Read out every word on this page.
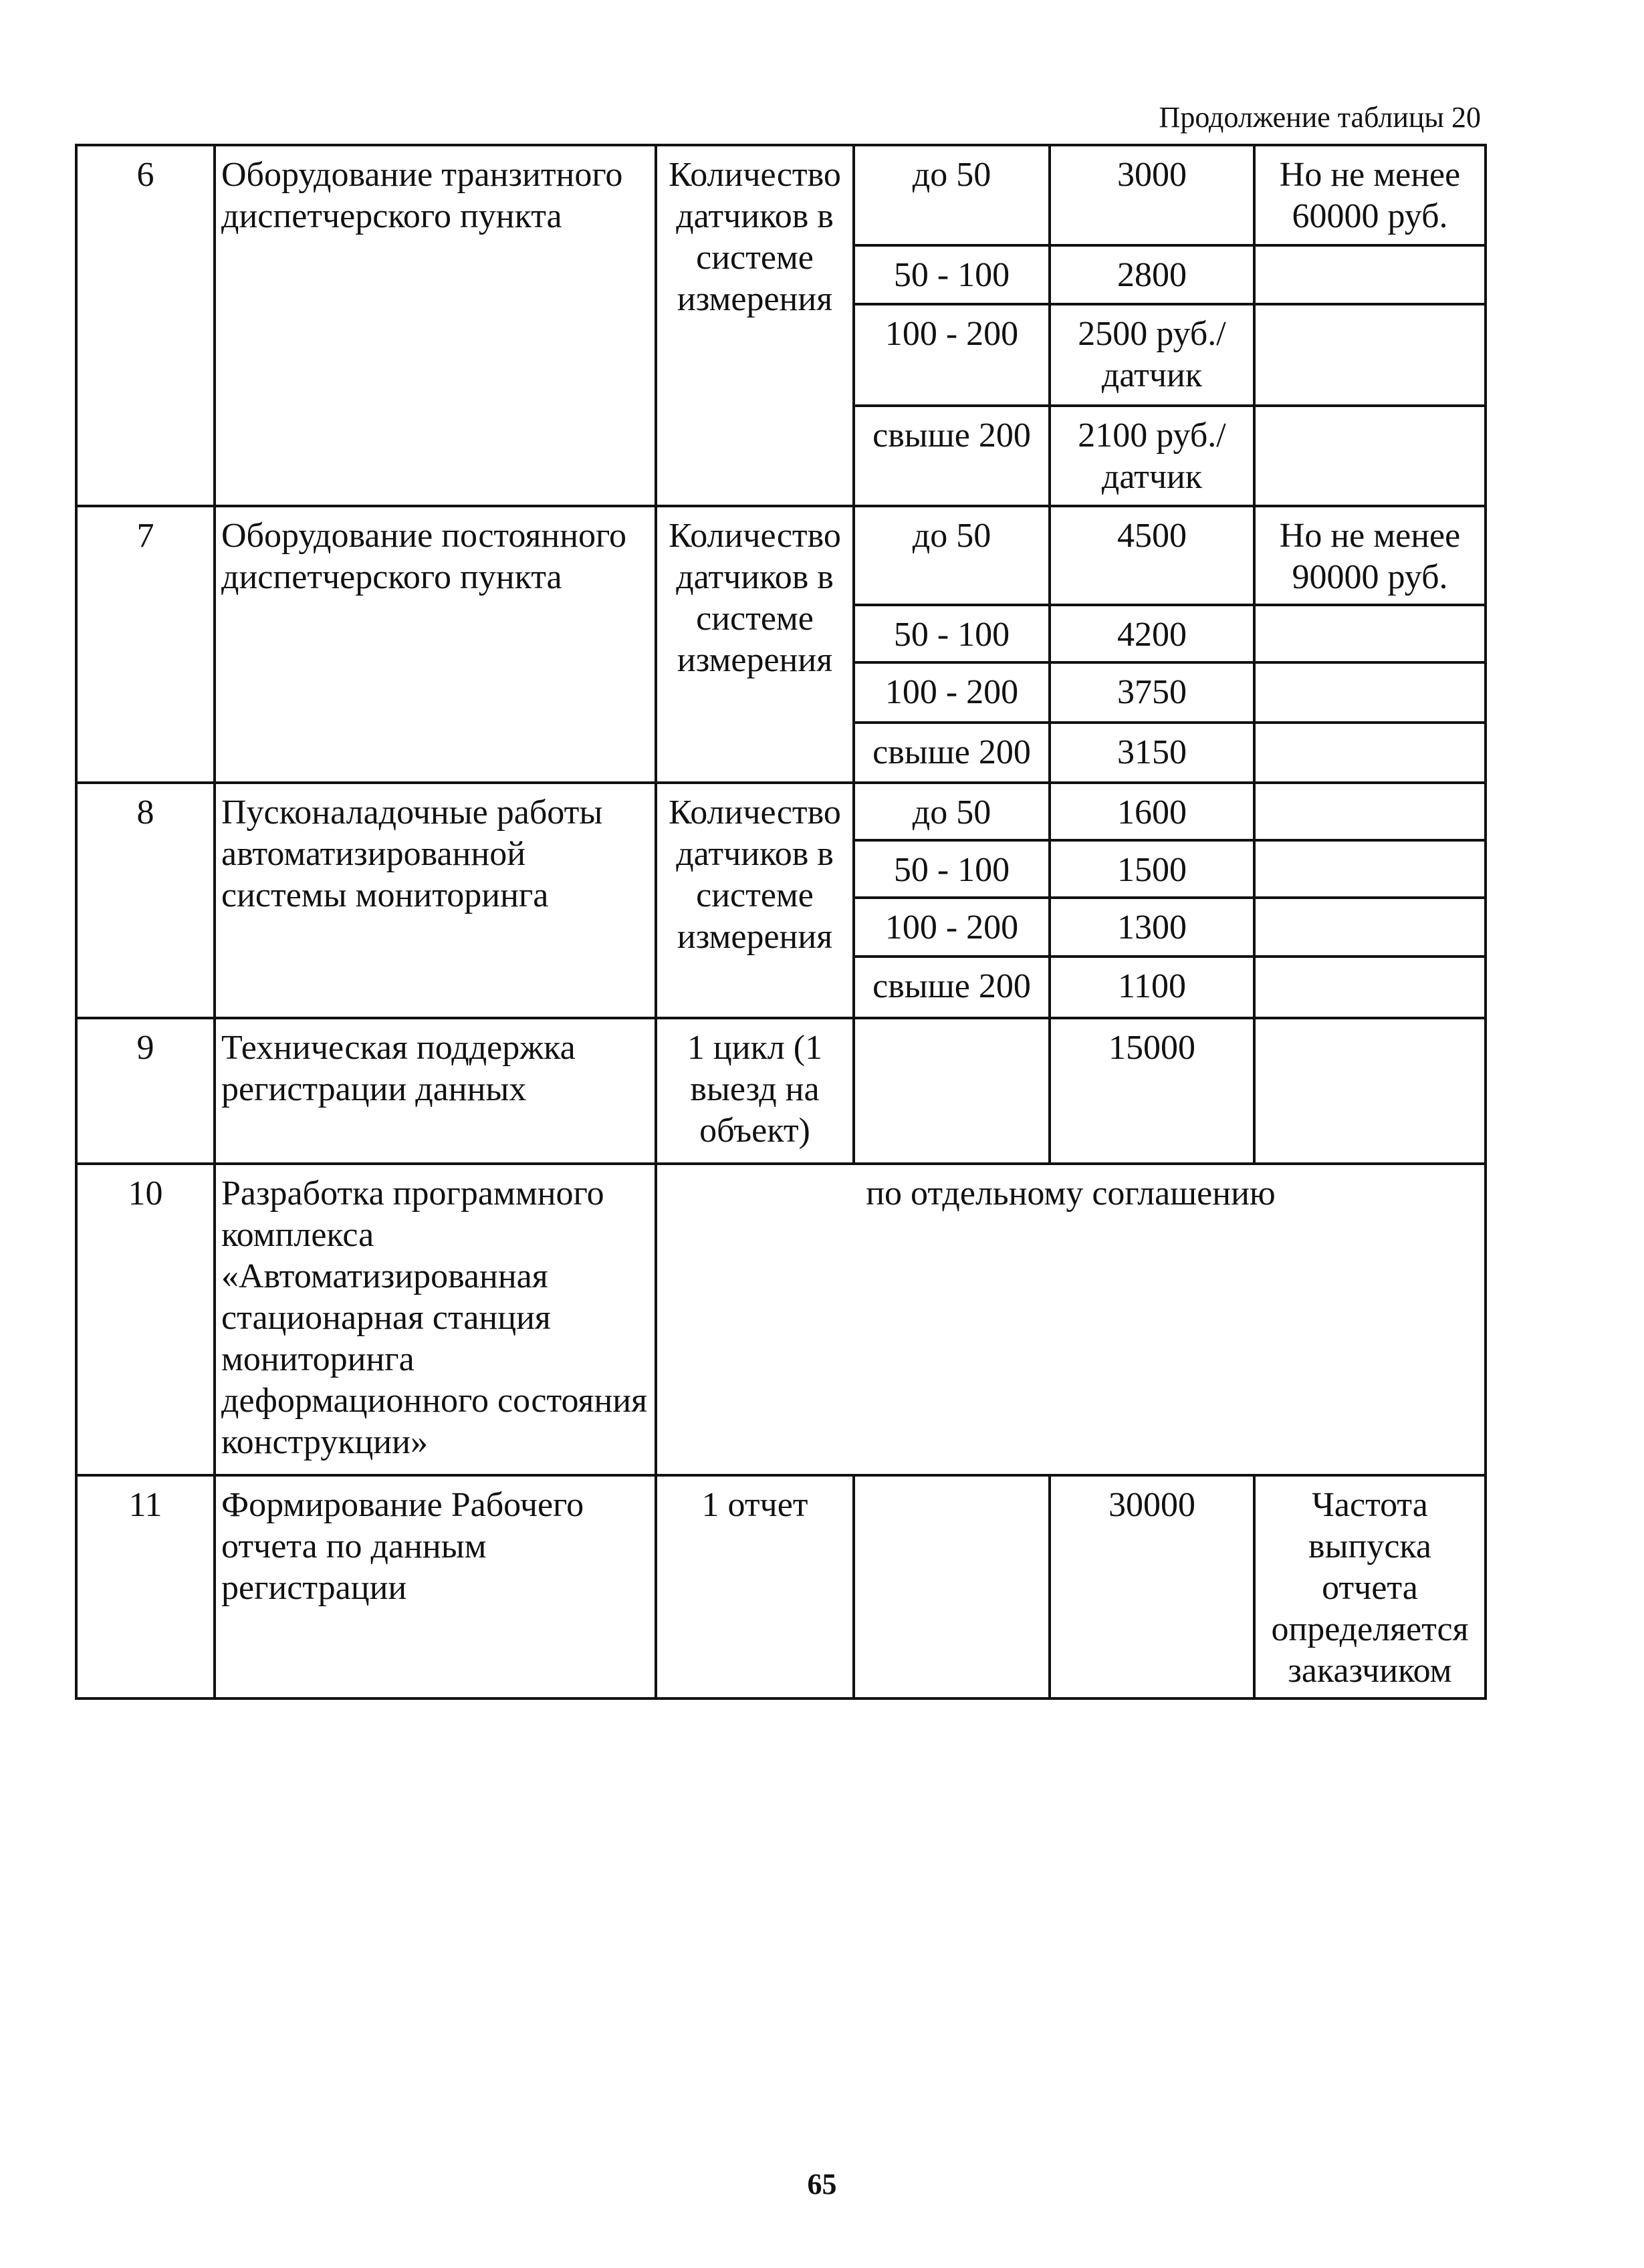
Продолжение таблицы 20
6	Оборудование транзитного диспетчерского пункта	Количество датчиков в системе измерения	до 50	3000	Но не менее 60000 руб.
			50 - 100	2800	
			100 - 200	2500 руб./датчик	
			свыше 200	2100 руб./датчик	
7	Оборудование постоянного диспетчерского пункта	Количество датчиков в системе измерения	до 50	4500	Но не менее 90000 руб.
			50 - 100	4200	
			100 - 200	3750	
			свыше 200	3150	
8	Пусконаладочные работы автоматизированной системы мониторинга	Количество датчиков в системе измерения	до 50	1600	
			50 - 100	1500	
			100 - 200	1300	
			свыше 200	1100	
9	Техническая поддержка регистрации данных	1 цикл (1 выезд на объект)		15000	
10	Разработка программного комплекса «Автоматизированная стационарная станция мониторинга деформационного состояния конструкции»	по отдельному соглашению			
11	Формирование Рабочего отчета по данным регистрации	1 отчет		30000	Частота выпуска отчета определяется заказчиком
65
